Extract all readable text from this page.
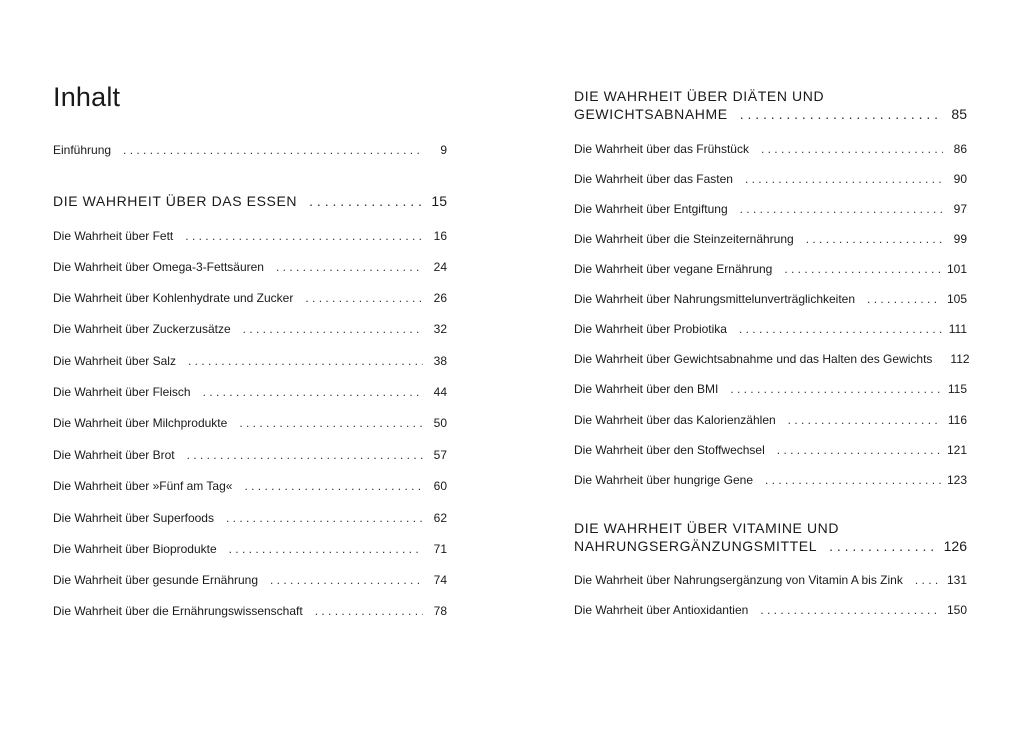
Inhalt
Einführung . . .	9
DIE WAHRHEIT ÜBER DAS ESSEN . . .	15
Die Wahrheit über Fett . . .	16
Die Wahrheit über Omega-3-Fettsäuren . . .	24
Die Wahrheit über Kohlenhydrate und Zucker . . .	26
Die Wahrheit über Zuckerzusätze . . .	32
Die Wahrheit über Salz . . .	38
Die Wahrheit über Fleisch . . .	44
Die Wahrheit über Milchprodukte . . .	50
Die Wahrheit über Brot . . .	57
Die Wahrheit über »Fünf am Tag« . . .	60
Die Wahrheit über Superfoods . . .	62
Die Wahrheit über Bioprodukte . . .	71
Die Wahrheit über gesunde Ernährung . . .	74
Die Wahrheit über die Ernährungswissenschaft . . .	78
DIE WAHRHEIT ÜBER DIÄTEN UND
GEWICHTSABNAHME . . .	85
Die Wahrheit über das Frühstück . . .	86
Die Wahrheit über das Fasten . . .	90
Die Wahrheit über Entgiftung . . .	97
Die Wahrheit über die Steinzeiternährung . . .	99
Die Wahrheit über vegane Ernährung . . .	101
Die Wahrheit über Nahrungsmittelunverträglichkeiten . . .	105
Die Wahrheit über Probiotika . . .	111
Die Wahrheit über Gewichtsabnahme und das Halten des Gewichts 112
Die Wahrheit über den BMI . . .	115
Die Wahrheit über das Kalorienzählen . . .	116
Die Wahrheit über den Stoffwechsel . . .	121
Die Wahrheit über hungrige Gene . . .	123
DIE WAHRHEIT ÜBER VITAMINE UND
NAHRUNGSERGÄNZUNGSMITTEL . . .	126
Die Wahrheit über Nahrungsergänzung von Vitamin A bis Zink . . .	131
Die Wahrheit über Antioxidantien . . .	150
